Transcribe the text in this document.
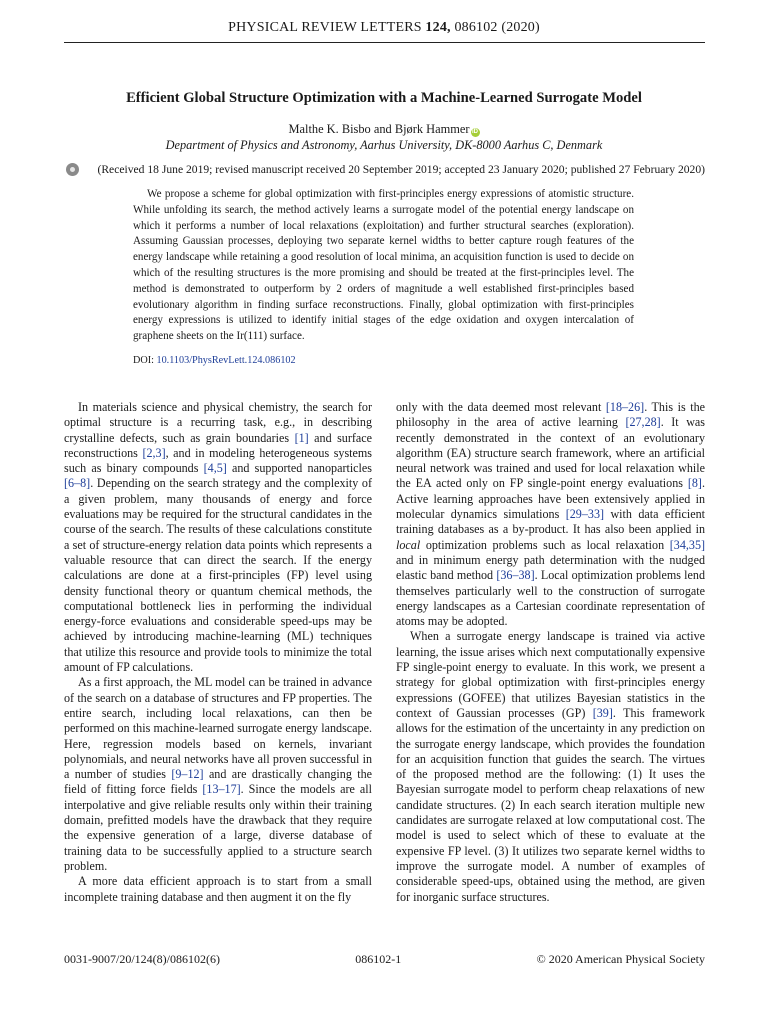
PHYSICAL REVIEW LETTERS 124, 086102 (2020)
Efficient Global Structure Optimization with a Machine-Learned Surrogate Model
Malthe K. Bisbo and Bjørk Hammer iD
Department of Physics and Astronomy, Aarhus University, DK-8000 Aarhus C, Denmark
(Received 18 June 2019; revised manuscript received 20 September 2019; accepted 23 January 2020; published 27 February 2020)
We propose a scheme for global optimization with first-principles energy expressions of atomistic structure. While unfolding its search, the method actively learns a surrogate model of the potential energy landscape on which it performs a number of local relaxations (exploitation) and further structural searches (exploration). Assuming Gaussian processes, deploying two separate kernel widths to better capture rough features of the energy landscape while retaining a good resolution of local minima, an acquisition function is used to decide on which of the resulting structures is the more promising and should be treated at the first-principles level. The method is demonstrated to outperform by 2 orders of magnitude a well established first-principles based evolutionary algorithm in finding surface reconstructions. Finally, global optimization with first-principles energy expressions is utilized to identify initial stages of the edge oxidation and oxygen intercalation of graphene sheets on the Ir(111) surface.
DOI: 10.1103/PhysRevLett.124.086102

In materials science and physical chemistry, the search for optimal structure is a recurring task, e.g., in describing crystalline defects, such as grain boundaries [1] and surface reconstructions [2,3], and in modeling heterogeneous systems such as binary compounds [4,5] and supported nanoparticles [6–8]. Depending on the search strategy and the complexity of a given problem, many thousands of energy and force evaluations may be required for the structural candidates in the course of the search. The results of these calculations constitute a set of structure-energy relation data points which represents a valuable resource that can direct the search. If the energy calculations are done at a first-principles (FP) level using density functional theory or quantum chemical methods, the computational bottleneck lies in performing the individual energy-force evaluations and considerable speed-ups may be achieved by introducing machine-learning (ML) techniques that utilize this resource and provide tools to minimize the total amount of FP calculations.

As a first approach, the ML model can be trained in advance of the search on a database of structures and FP properties. The entire search, including local relaxations, can then be performed on this machine-learned surrogate energy landscape. Here, regression models based on kernels, invariant polynomials, and neural networks have all proven successful in a number of studies [9–12] and are drastically changing the field of fitting force fields [13–17]. Since the models are all interpolative and give reliable results only within their training domain, prefitted models have the drawback that they require the expensive generation of a large, diverse database of training data to be successfully applied to a structure search problem.

A more data efficient approach is to start from a small incomplete training database and then augment it on the fly

only with the data deemed most relevant [18–26]. This is the philosophy in the area of active learning [27,28]. It was recently demonstrated in the context of an evolutionary algorithm (EA) structure search framework, where an artificial neural network was trained and used for local relaxation while the EA acted only on FP single-point energy evaluations [8]. Active learning approaches have been extensively applied in molecular dynamics simulations [29–33] with data efficient training databases as a by-product. It has also been applied in local optimization problems such as local relaxation [34,35] and in minimum energy path determination with the nudged elastic band method [36–38]. Local optimization problems lend themselves particularly well to the construction of surrogate energy landscapes as a Cartesian coordinate representation of atoms may be adopted.

When a surrogate energy landscape is trained via active learning, the issue arises which next computationally expensive FP single-point energy to evaluate. In this work, we present a strategy for global optimization with first-principles energy expressions (GOFEE) that utilizes Bayesian statistics in the context of Gaussian processes (GP) [39]. This framework allows for the estimation of the uncertainty in any prediction on the surrogate energy landscape, which provides the foundation for an acquisition function that guides the search. The virtues of the proposed method are the following: (1) It uses the Bayesian surrogate model to perform cheap relaxations of new candidate structures. (2) In each search iteration multiple new candidates are surrogate relaxed at low computational cost. The model is used to select which of these to evaluate at the expensive FP level. (3) It utilizes two separate kernel widths to improve the surrogate model. A number of examples of considerable speed-ups, obtained using the method, are given for inorganic surface structures.

0031-9007/20/124(8)/086102(6)	086102-1	© 2020 American Physical Society
